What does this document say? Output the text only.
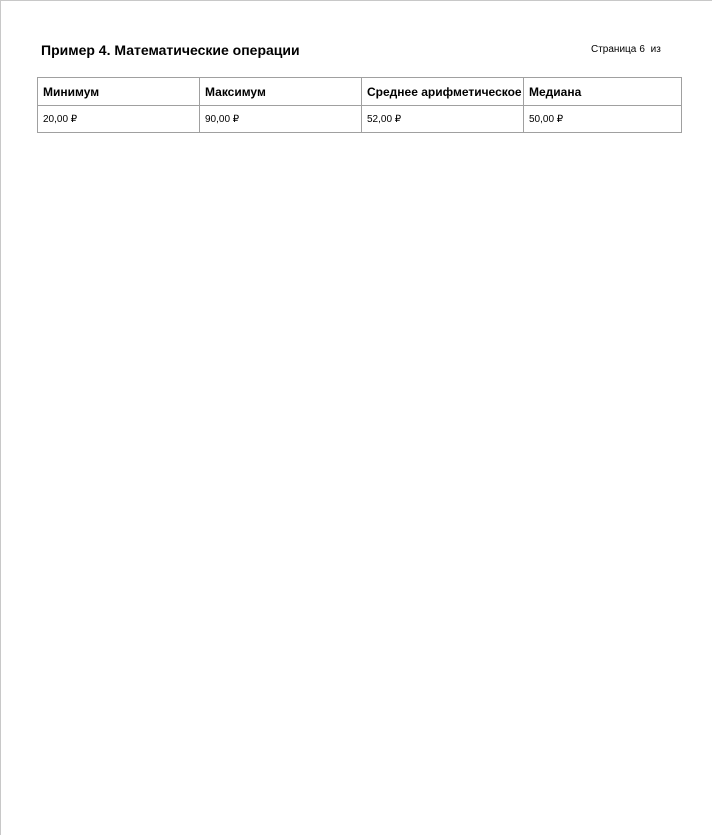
Пример 4. Математические операции	Страница 6 из
Минимум	Максимум	Среднее арифметическое	Медиана
20,00 ₽	90,00 ₽	52,00 ₽	50,00 ₽
